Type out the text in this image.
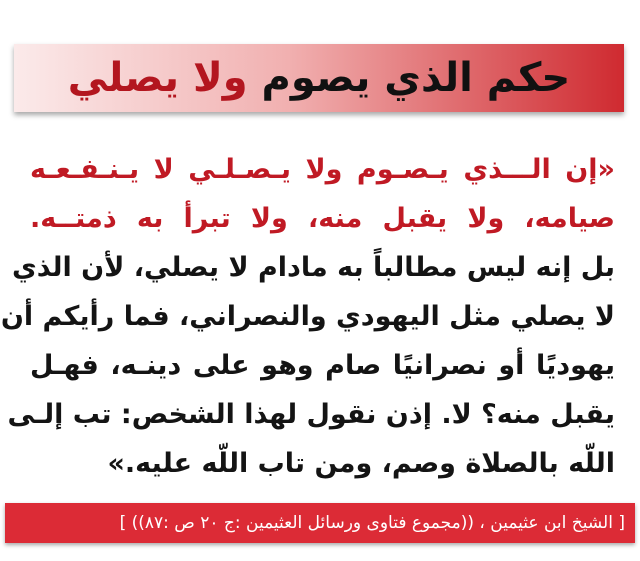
حكم الذي يصوم ولا يصلي
«إن الـــذي يـصـوم ولا يـصـلـي لا يـنـفـعـه
صيامه، ولا يقبل منه، ولا تبرأ به ذمتــه.
بل إنه ليس مطالباً به مادام لا يصلي، لأن الذي
لا يصلي مثل اليهودي والنصراني، فما رأيكم أن
يهوديًا أو نصرانيًا صام وهو على دينـه، فهـل
يقبل منه؟ لا. إذن نقول لهذا الشخص: تب إلـى
اللّه بالصلاة وصم، ومن تاب اللّه عليه.»
[ الشيخ ابن عثيمين ، ((مجموع فتاوى ورسائل العثيمين :ج ٢٠ ص :٨٧)) ]
